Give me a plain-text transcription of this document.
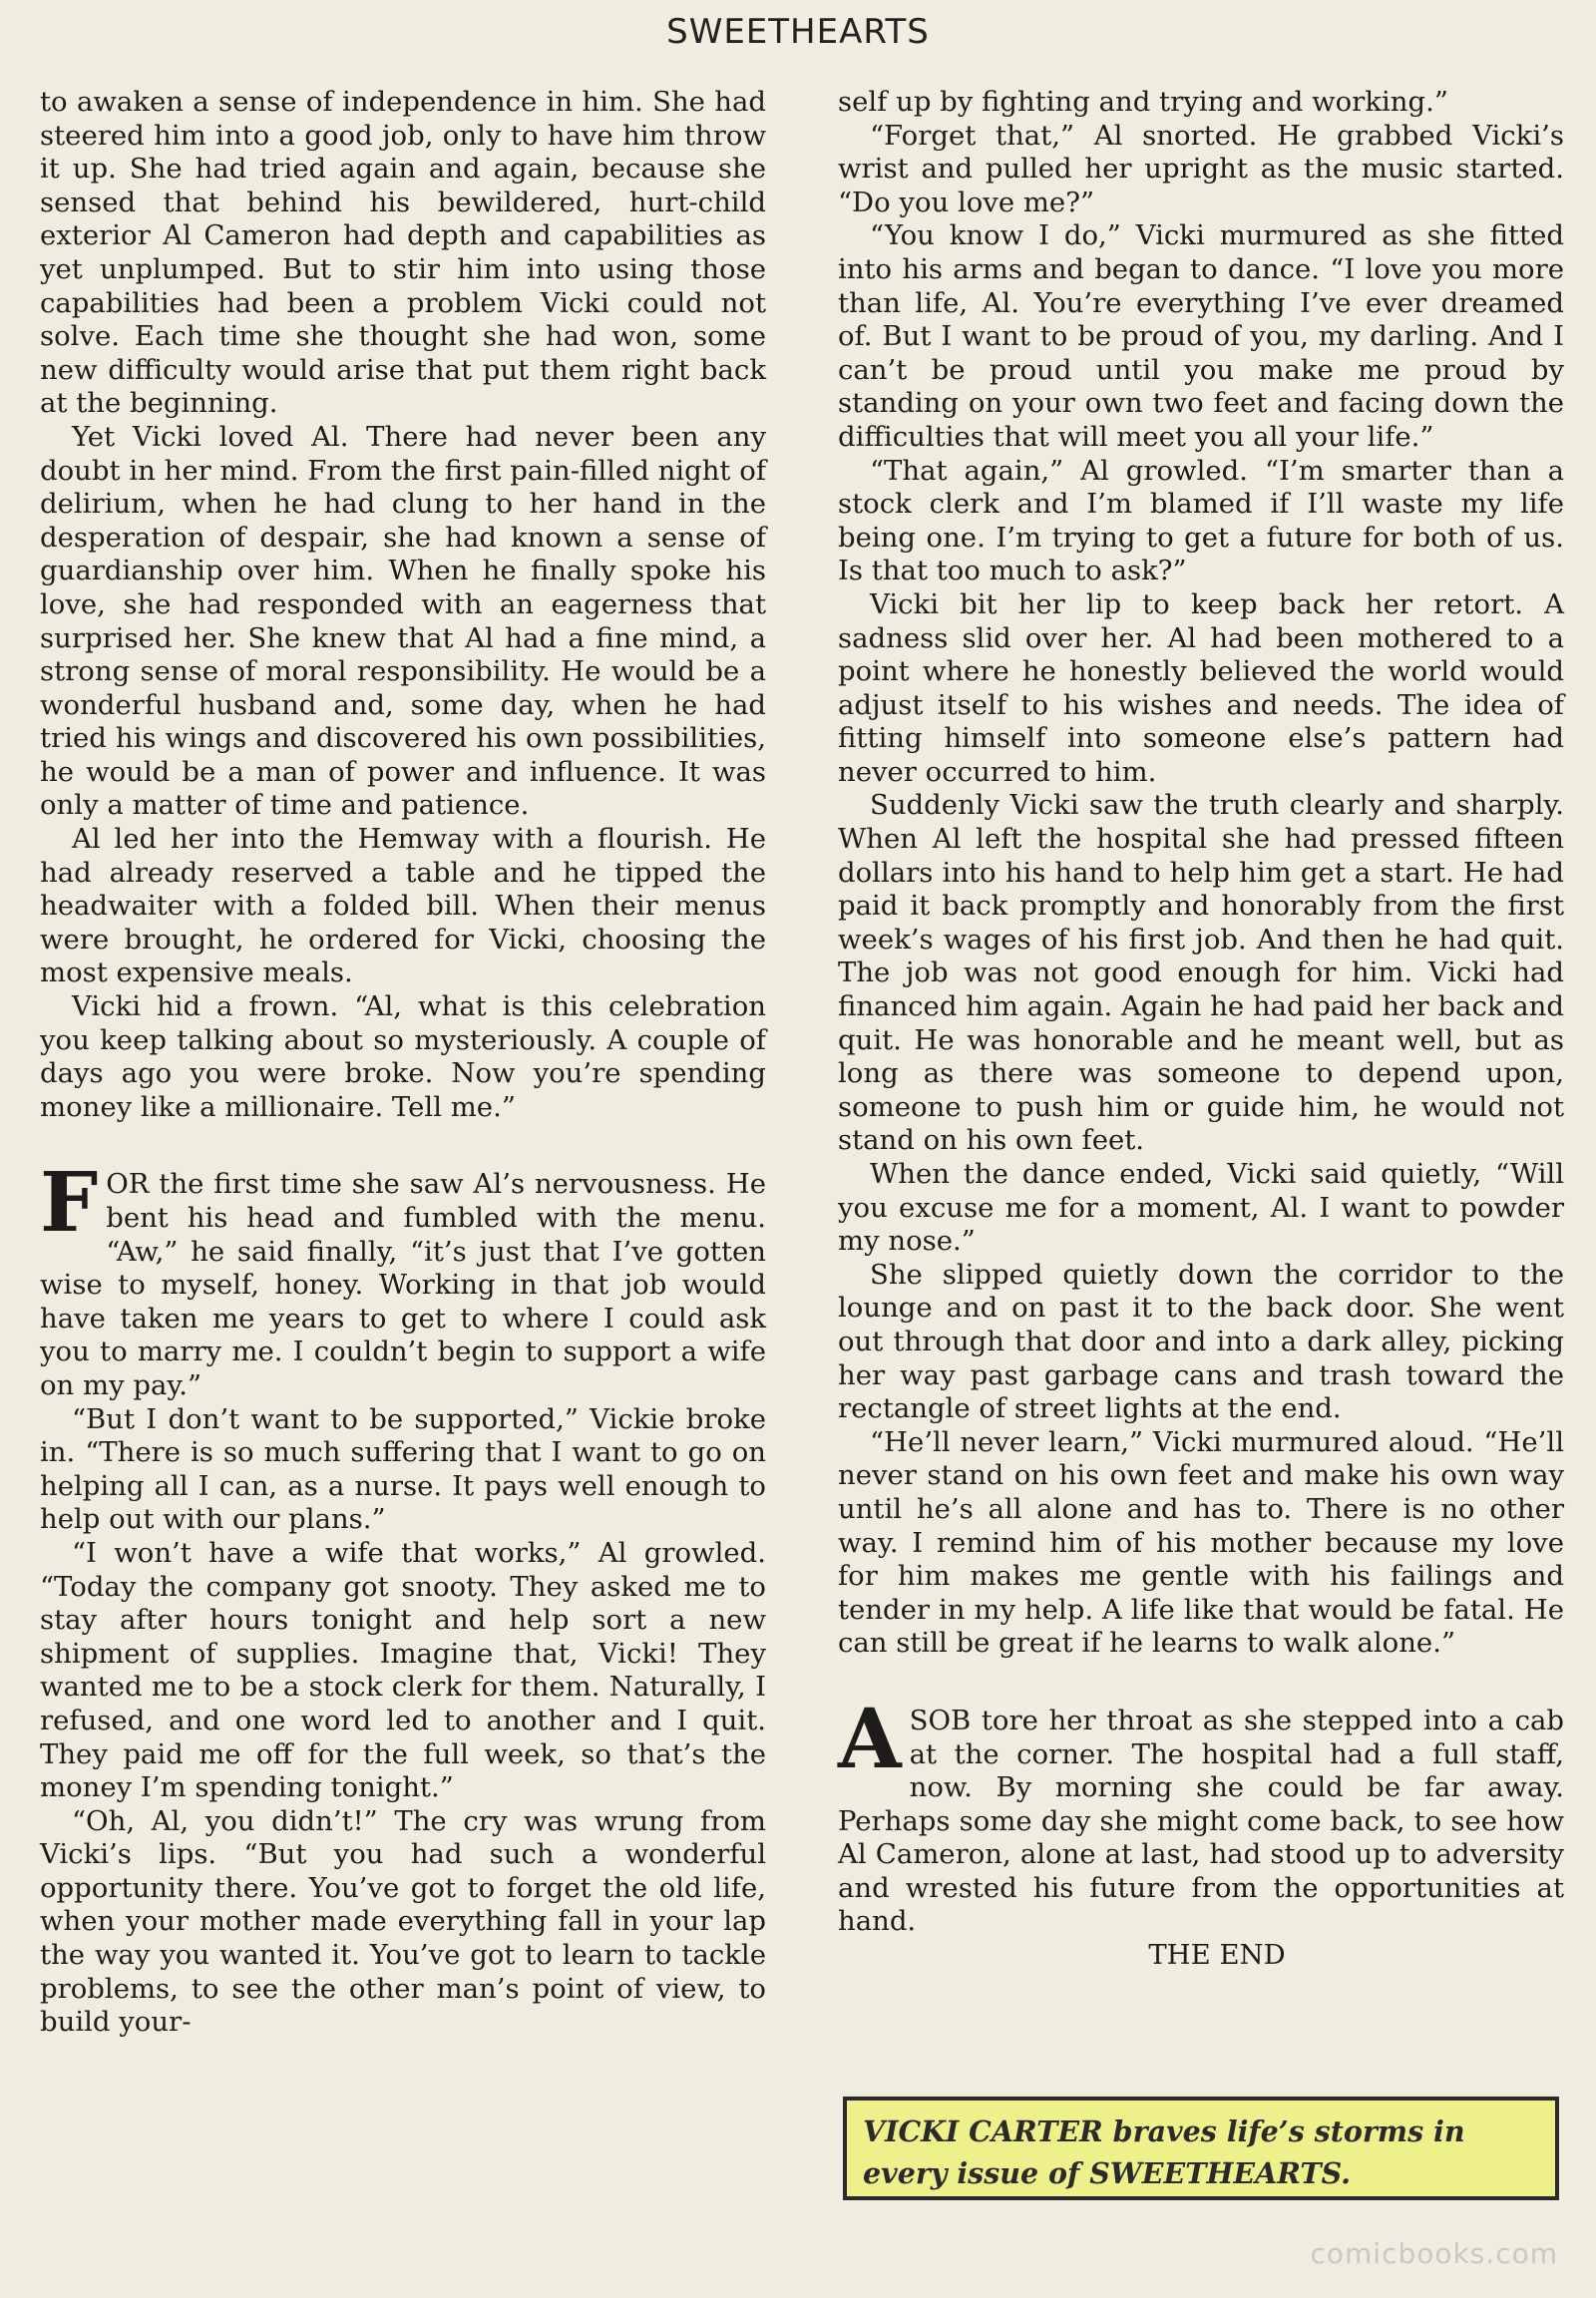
SWEETHEARTS

to awaken a sense of independence in him. She had steered him into a good job, only to have him throw it up. She had tried again and again, because she sensed that behind his bewildered, hurt-child exterior Al Cameron had depth and capabilities as yet unplumped. But to stir him into using those capabilities had been a problem Vicki could not solve. Each time she thought she had won, some new difficulty would arise that put them right back at the beginning.

Yet Vicki loved Al. There had never been any doubt in her mind. From the first pain-filled night of delirium, when he had clung to her hand in the desperation of despair, she had known a sense of guardianship over him. When he finally spoke his love, she had responded with an eagerness that surprised her. She knew that Al had a fine mind, a strong sense of moral responsibility. He would be a wonderful husband and, some day, when he had tried his wings and discovered his own possibilities, he would be a man of power and influence. It was only a matter of time and patience.

Al led her into the Hemway with a flourish. He had already reserved a table and he tipped the headwaiter with a folded bill. When their menus were brought, he ordered for Vicki, choosing the most expensive meals.

Vicki hid a frown. “Al, what is this celebration you keep talking about so mysteriously. A couple of days ago you were broke. Now you’re spending money like a millionaire. Tell me.”

F OR the first time she saw Al’s nervousness. He bent his head and fumbled with the menu. “Aw,” he said finally, “it’s just that I’ve gotten wise to myself, honey. Working in that job would have taken me years to get to where I could ask you to marry me. I couldn’t begin to support a wife on my pay.”

“But I don’t want to be supported,” Vickie broke in. “There is so much suffering that I want to go on helping all I can, as a nurse. It pays well enough to help out with our plans.”

“I won’t have a wife that works,” Al growled. “Today the company got snooty. They asked me to stay after hours tonight and help sort a new shipment of supplies. Imagine that, Vicki! They wanted me to be a stock clerk for them. Naturally, I refused, and one word led to another and I quit. They paid me off for the full week, so that’s the money I’m spending tonight.”

“Oh, Al, you didn’t!” The cry was wrung from Vicki’s lips. “But you had such a wonderful opportunity there. You’ve got to forget the old life, when your mother made everything fall in your lap the way you wanted it. You’ve got to learn to tackle problems, to see the other man’s point of view, to build your-

self up by fighting and trying and working.”

“Forget that,” Al snorted. He grabbed Vicki’s wrist and pulled her upright as the music started. “Do you love me?”

“You know I do,” Vicki murmured as she fitted into his arms and began to dance. “I love you more than life, Al. You’re everything I’ve ever dreamed of. But I want to be proud of you, my darling. And I can’t be proud until you make me proud by standing on your own two feet and facing down the difficulties that will meet you all your life.”

“That again,” Al growled. “I’m smarter than a stock clerk and I’m blamed if I’ll waste my life being one. I’m trying to get a future for both of us. Is that too much to ask?”

Vicki bit her lip to keep back her retort. A sadness slid over her. Al had been mothered to a point where he honestly believed the world would adjust itself to his wishes and needs. The idea of fitting himself into someone else’s pattern had never occurred to him.

Suddenly Vicki saw the truth clearly and sharply. When Al left the hospital she had pressed fifteen dollars into his hand to help him get a start. He had paid it back promptly and honorably from the first week’s wages of his first job. And then he had quit. The job was not good enough for him. Vicki had financed him again. Again he had paid her back and quit. He was honorable and he meant well, but as long as there was someone to depend upon, someone to push him or guide him, he would not stand on his own feet.

When the dance ended, Vicki said quietly, “Will you excuse me for a moment, Al. I want to powder my nose.”

She slipped quietly down the corridor to the lounge and on past it to the back door. She went out through that door and into a dark alley, picking her way past garbage cans and trash toward the rectangle of street lights at the end.

“He’ll never learn,” Vicki murmured aloud. “He’ll never stand on his own feet and make his own way until he’s all alone and has to. There is no other way. I remind him of his mother because my love for him makes me gentle with his failings and tender in my help. A life like that would be fatal. He can still be great if he learns to walk alone.”

A SOB tore her throat as she stepped into a cab at the corner. The hospital had a full staff, now. By morning she could be far away. Perhaps some day she might come back, to see how Al Cameron, alone at last, had stood up to adversity and wrested his future from the opportunities at hand.

THE END

VICKI CARTER braves life’s storms in every issue of SWEETHEARTS.
comicbooks.com
